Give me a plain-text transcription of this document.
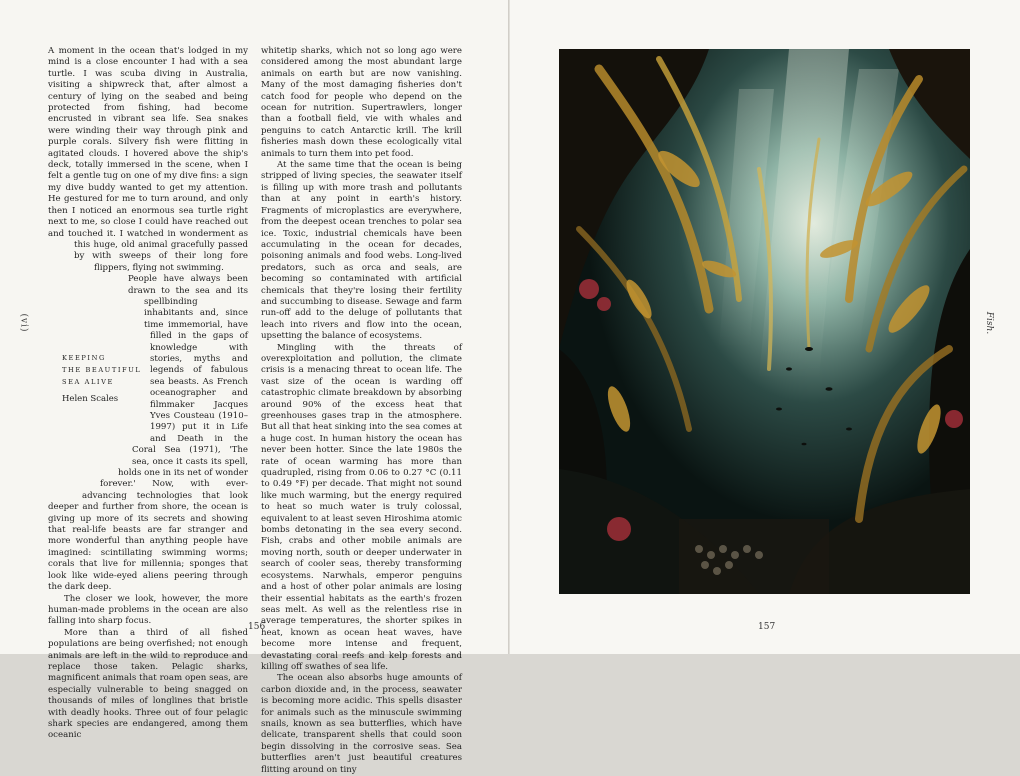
(vi)
KEEPING
THE BEAUTIFUL
SEA ALIVE
Helen Scales

A moment in the ocean that's lodged in my mind is a close encounter I had with a sea turtle. I was scuba diving in Australia, visiting a shipwreck that, after almost a century of lying on the seabed and being protected from fishing, had become encrusted in vibrant sea life. Sea snakes were winding their way through pink and purple corals. Silvery fish were flitting in agitated clouds. I hovered above the ship's deck, totally immersed in the scene, when I felt a gentle tug on one of my dive fins: a sign my dive buddy wanted to get my attention. He gestured for me to turn around, and only then I noticed an enormous sea turtle right next to me, so close I could have reached out and touched it. I watched in wonderment as this huge, old animal gracefully passed by with sweeps of their long fore flippers, flying not swimming.

People have always been drawn to the sea and its spellbinding inhabitants and, since time immemorial, have filled in the gaps of knowledge with stories, myths and legends of fabulous sea beasts. As French oceanographer and filmmaker Jacques Yves Cousteau (1910–1997) put it in Life and Death in the Coral Sea (1971), 'The sea, once it casts its spell, holds one in its net of wonder forever.' Now, with ever-advancing technologies that look deeper and further from shore, the ocean is giving up more of its secrets and showing that real-life beasts are far stranger and more wonderful than anything people have imagined: scintillating swimming worms; corals that live for millennia; sponges that look like wide-eyed aliens peering through the dark deep.

The closer we look, however, the more human-made problems in the ocean are also falling into sharp focus.

More than a third of all fished populations are being overfished; not enough animals are left in the wild to reproduce and replace those taken. Pelagic sharks, magnificent animals that roam open seas, are especially vulnerable to being snagged on thousands of miles of longlines that bristle with deadly hooks. Three out of four pelagic shark species are endangered, among them oceanic

whitetip sharks, which not so long ago were considered among the most abundant large animals on earth but are now vanishing. Many of the most damaging fisheries don't catch food for people who depend on the ocean for nutrition. Supertrawlers, longer than a football field, vie with whales and penguins to catch Antarctic krill. The krill fisheries mash down these ecologically vital animals to turn them into pet food.

At the same time that the ocean is being stripped of living species, the seawater itself is filling up with more trash and pollutants than at any point in earth's history. Fragments of microplastics are everywhere, from the deepest ocean trenches to polar sea ice. Toxic, industrial chemicals have been accumulating in the ocean for decades, poisoning animals and food webs. Long-lived predators, such as orca and seals, are becoming so contaminated with artificial chemicals that they're losing their fertility and succumbing to disease. Sewage and farm run-off add to the deluge of pollutants that leach into rivers and flow into the ocean, upsetting the balance of ecosystems.

Mingling with the threats of overexploitation and pollution, the climate crisis is a menacing threat to ocean life. The vast size of the ocean is warding off catastrophic climate breakdown by absorbing around 90% of the excess heat that greenhouses gases trap in the atmosphere. But all that heat sinking into the sea comes at a huge cost. In human history the ocean has never been hotter. Since the late 1980s the rate of ocean warming has more than quadrupled, rising from 0.06 to 0.27 °C (0.11 to 0.49 °F) per decade. That might not sound like much warming, but the energy required to heat so much water is truly colossal, equivalent to at least seven Hiroshima atomic bombs detonating in the sea every second. Fish, crabs and other mobile animals are moving north, south or deeper underwater in search of cooler seas, thereby transforming ecosystems. Narwhals, emperor penguins and a host of other polar animals are losing their essential habitats as the earth's frozen seas melt. As well as the relentless rise in average temperatures, the shorter spikes in heat, known as ocean heat waves, have become more intense and frequent, devastating coral reefs and kelp forests and killing off swathes of sea life.

The ocean also absorbs huge amounts of carbon dioxide and, in the process, seawater is becoming more acidic. This spells disaster for animals such as the minuscule swimming snails, known as sea butterflies, which have delicate, transparent shells that could soon begin dissolving in the corrosive seas. Sea butterflies aren't just beautiful creatures flitting around on tiny

156
Fish.
157
